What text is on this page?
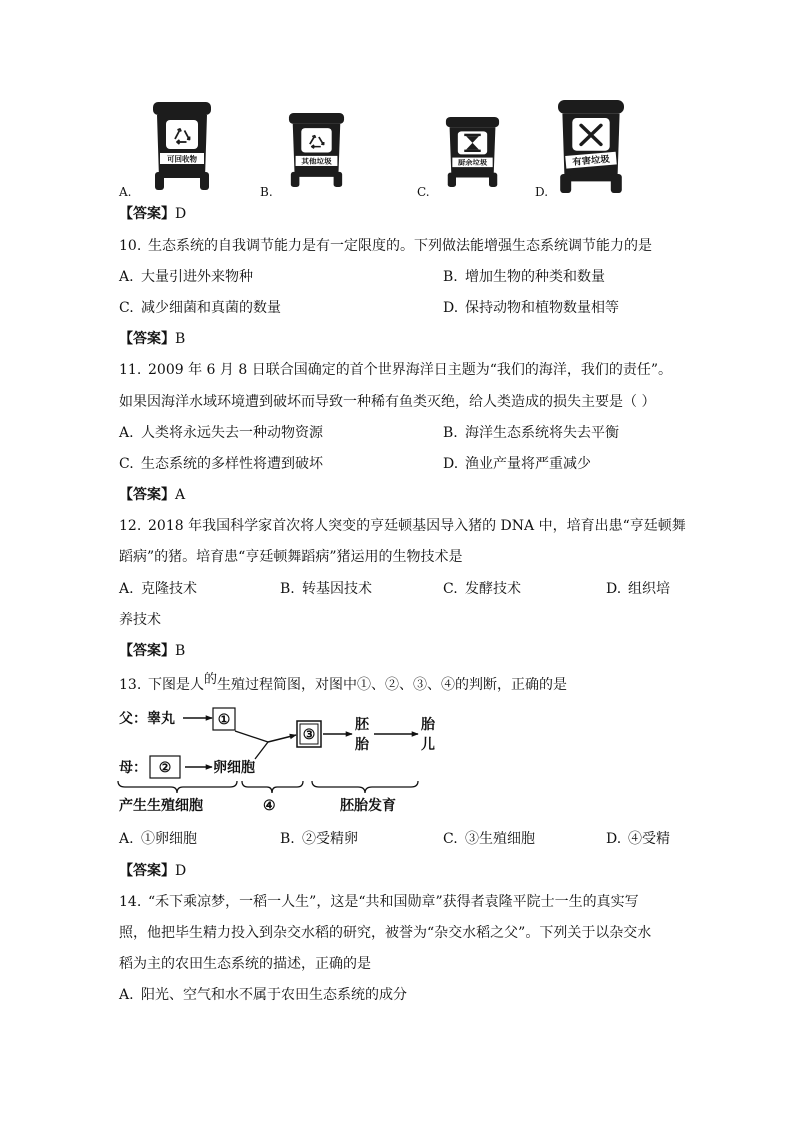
A.
可回收物
B.
其他垃圾
C.
厨余垃圾
D.
有害垃圾
【答案】D
10. 生态系统的自我调节能力是有一定限度的。下列做法能增强生态系统调节能力的是
A. 大量引进外来物种	B. 增加生物的种类和数量
C. 减少细菌和真菌的数量	D. 保持动物和植物数量相等
【答案】B
11. 2009 年 6 月 8 日联合国确定的首个世界海洋日主题为“我们的海洋，我们的责任”。
如果因海洋水域环境遭到破坏而导致一种稀有鱼类灭绝，给人类造成的损失主要是（ ）
A. 人类将永远失去一种动物资源	B. 海洋生态系统将失去平衡
C. 生态系统的多样性将遭到破坏	D. 渔业产量将严重减少
【答案】A
12. 2018 年我国科学家首次将人突变的亨廷顿基因导入猪的 DNA 中，培育出患“亨廷顿舞
蹈病”的猪。培育患“亨廷顿舞蹈病”猪运用的生物技术是
A. 克隆技术	B. 转基因技术	C. 发酵技术	D. 组织培
养技术
【答案】B
13. 下图是人的生殖过程简图，对图中①、②、③、④的判断，正确的是
父：睾丸	①
母： ②	卵细胞
③
胚
胎
胎
儿
产生生殖细胞	④	胚胎发育
A. ①卵细胞	B. ②受精卵	C. ③生殖细胞	D. ④受精
【答案】D
14. “禾下乘凉梦，一稻一人生”，这是“共和国勋章”获得者袁隆平院士一生的真实写
照，他把毕生精力投入到杂交水稻的研究，被誉为“杂交水稻之父”。下列关于以杂交水
稻为主的农田生态系统的描述，正确的是
A. 阳光、空气和水不属于农田生态系统的成分
